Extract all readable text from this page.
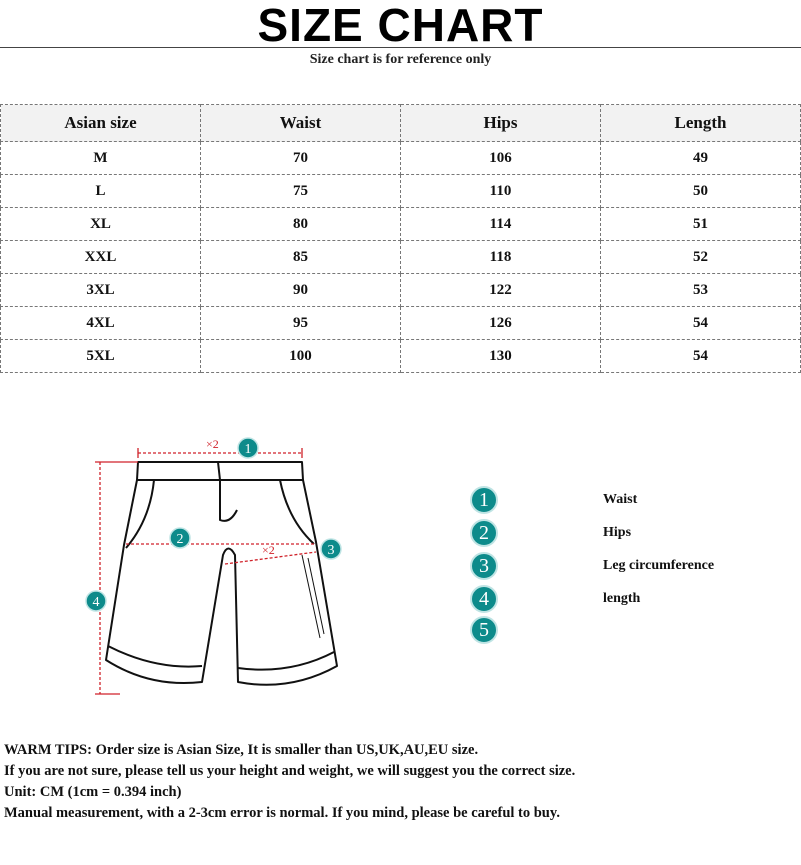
SIZE CHART
Size chart is for reference only
Asian size	Waist	Hips	Length
M	70	106	49
L	75	110	50
XL	80	114	51
XXL	85	118	52
3XL	90	122	53
4XL	95	126	54
5XL	100	130	54
×2
×2
1
2
3
4
1	Waist
2	Hips
3	Leg circumference
4	length
5
WARM TIPS: Order size is Asian Size, It is smaller than US,UK,AU,EU size.
If you are not sure, please tell us your height and weight, we will suggest you the correct size.
Unit: CM (1cm = 0.394 inch)
Manual measurement, with a 2-3cm error is normal. If you mind, please be careful to buy.
